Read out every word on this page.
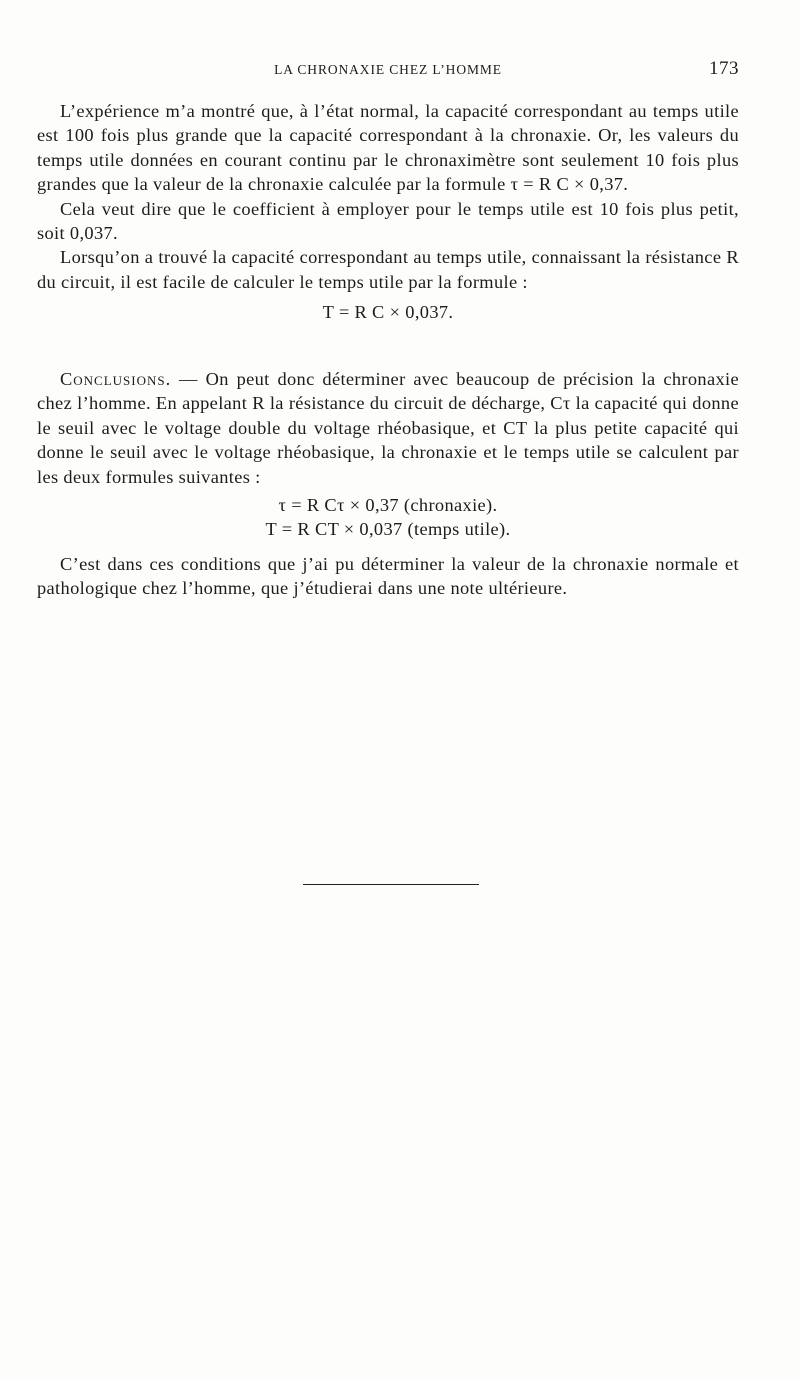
LA CHRONAXIE CHEZ L’HOMME	173

L’expérience m’a montré que, à l’état normal, la capacité correspondant au temps utile est 100 fois plus grande que la capacité correspondant à la chronaxie. Or, les valeurs du temps utile données en courant continu par le chronaximètre sont seulement 10 fois plus grandes que la valeur de la chronaxie calculée par la formule τ = R C × 0,37.

Cela veut dire que le coefficient à employer pour le temps utile est 10 fois plus petit, soit 0,037.

Lorsqu’on a trouvé la capacité correspondant au temps utile, connaissant la résistance R du circuit, il est facile de calculer le temps utile par la formule :

T = R C × 0,037.

Conclusions. — On peut donc déterminer avec beaucoup de précision la chronaxie chez l’homme. En appelant R la résistance du circuit de décharge, Cτ la capacité qui donne le seuil avec le voltage double du voltage rhéobasique, et CT la plus petite capacité qui donne le seuil avec le voltage rhéobasique, la chronaxie et le temps utile se calculent par les deux formules suivantes :

τ = R Cτ × 0,37 (chronaxie).

T = R CT × 0,037 (temps utile).

C’est dans ces conditions que j’ai pu déterminer la valeur de la chronaxie normale et pathologique chez l’homme, que j’étudierai dans une note ultérieure.
